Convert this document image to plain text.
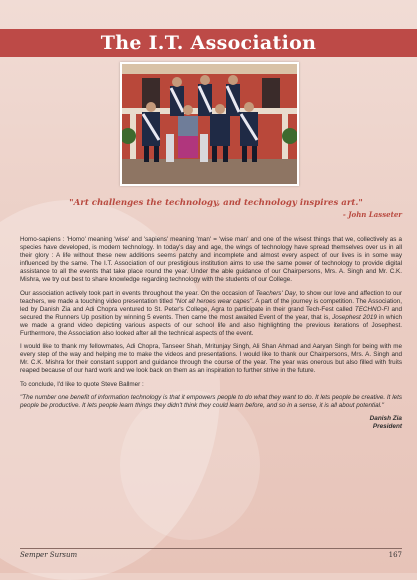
The I.T. Association
"Art challenges the technology, and technology inspires art."
- John Lasseter

Homo-sapiens : 'Homo' meaning 'wise' and 'sapiens' meaning 'man' = 'wise man' and one of the wisest things that we, collectively as a species have developed, is modern technology. In today's day and age, the wings of technology have spread themselves over us in all their glory : A life without these new additions seems patchy and incomplete and almost every aspect of our lives is in some way influenced by the same. The I.T. Association of our prestigious institution aims to use the same power of technology to provide digital assistance to all the events that take place round the year. Under the able guidance of our Chairpersons, Mrs. A. Singh and Mr. C.K. Mishra, we try out best to share knowledge regarding technology with the students of our College.

Our association actively took part in events throughout the year. On the occasion of Teachers' Day, to show our love and affection to our teachers, we made a touching video presentation titled "Not all heroes wear capes". A part of the journey is competition. The Association, led by Danish Zia and Adi Chopra ventured to St. Peter's College, Agra to participate in their grand Tech-Fest called TECHNO-FI and secured the Runners Up position by winning 5 events. Then came the most awaited Event of the year, that is, Josephest 2019 in which we made a grand video depicting various aspects of our school life and also highlighting the previous iterations of Josephest. Furthermore, the Association also looked after all the technical aspects of the event.

I would like to thank my fellowmates, Adi Chopra, Tanseer Shah, Mritunjay Singh, Ali Shan Ahmad and Aaryan Singh for being with me every step of the way and helping me to make the videos and presentations. I would like to thank our Chairpersons, Mrs. A. Singh and Mr. C.K. Mishra for their constant support and guidance through the course of the year. The year was onerous but also filled with fruits reaped because of our hard work and we look back on them as an inspiration to further strive in the future.

To conclude, I'd like to quote Steve Ballmer :

"The number one benefit of information technology is that it empowers people to do what they want to do. It lets people be creative. It lets people be productive. It lets people learn things they didn't think they could learn before, and so in a sense, it is all about potential."

Danish Zia
President
Semper Sursum	167
